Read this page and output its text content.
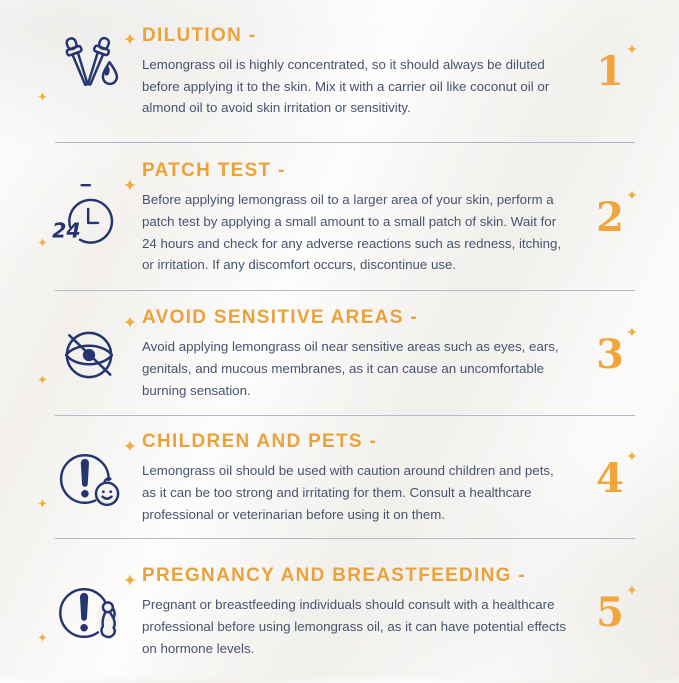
DILUTION -

Lemongrass oil is highly concentrated, so it should always be diluted before applying it to the skin. Mix it with a carrier oil like coconut oil or almond oil to avoid skin irritation or sensitivity.

1
24
PATCH TEST -

Before applying lemongrass oil to a larger area of your skin, perform a patch test by applying a small amount to a small patch of skin. Wait for 24 hours and check for any adverse reactions such as redness, itching, or irritation. If any discomfort occurs, discontinue use.

2
AVOID SENSITIVE AREAS -

Avoid applying lemongrass oil near sensitive areas such as eyes, ears, genitals, and mucous membranes, as it can cause an uncomfortable burning sensation.

3
CHILDREN AND PETS -

Lemongrass oil should be used with caution around children and pets, as it can be too strong and irritating for them. Consult a healthcare professional or veterinarian before using it on them.

4
PREGNANCY AND BREASTFEEDING -

Pregnant or breastfeeding individuals should consult with a healthcare professional before using lemongrass oil, as it can have potential effects on hormone levels.

5
